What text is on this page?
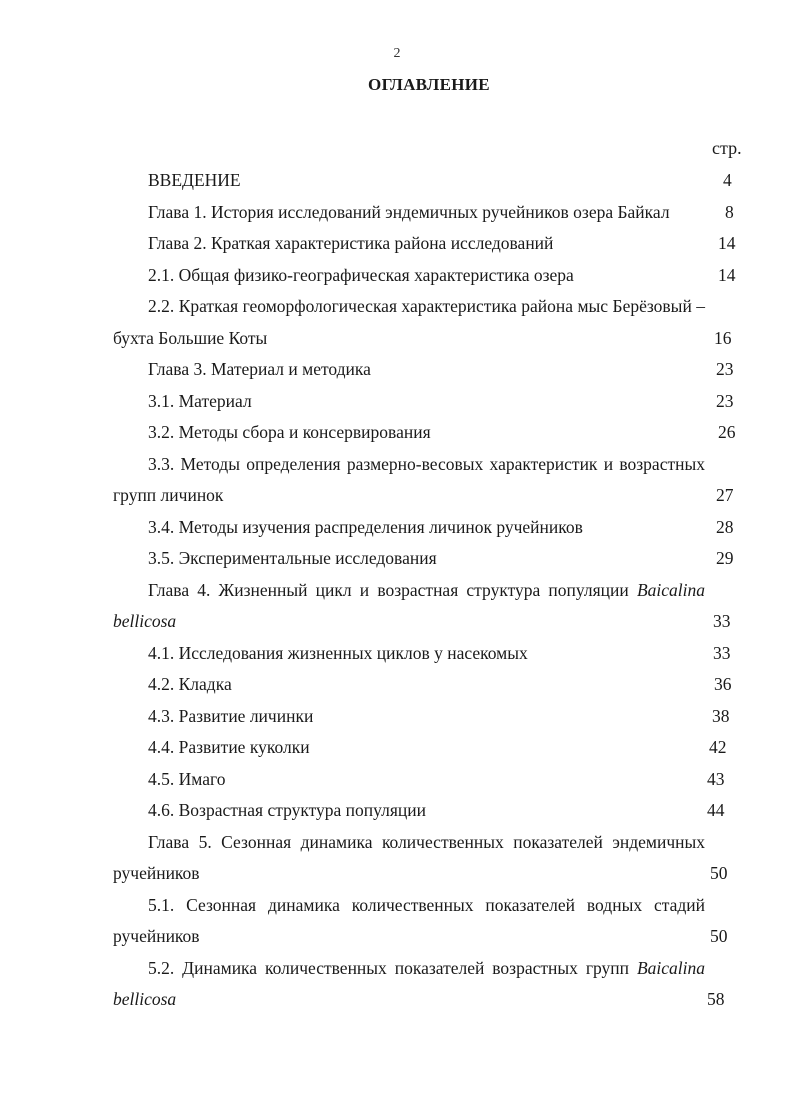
2
ОГЛАВЛЕНИЕ
стр.
ВВЕДЕНИЕ	4
Глава 1. История исследований эндемичных ручейников озера Байкал	8
Глава 2. Краткая характеристика района исследований	14
2.1. Общая физико-географическая характеристика озера	14
2.2. Краткая геоморфологическая характеристика района мыс Берёзовый – бухта Большие Коты	16
Глава 3. Материал и методика	23
3.1. Материал	23
3.2. Методы сбора и консервирования	26
3.3. Методы определения размерно-весовых характеристик и возрастных групп личинок	27
3.4. Методы изучения распределения личинок ручейников	28
3.5. Экспериментальные исследования	29
Глава 4. Жизненный цикл и возрастная структура популяции Baicalina bellicosa	33
4.1. Исследования жизненных циклов у насекомых	33
4.2. Кладка	36
4.3. Развитие личинки	38
4.4. Развитие куколки	42
4.5. Имаго	43
4.6. Возрастная структура популяции	44
Глава 5. Сезонная динамика количественных показателей эндемичных ручейников	50
5.1. Сезонная динамика количественных показателей водных стадий ручейников	50
5.2. Динамика количественных показателей возрастных групп Baicalina bellicosa	58
